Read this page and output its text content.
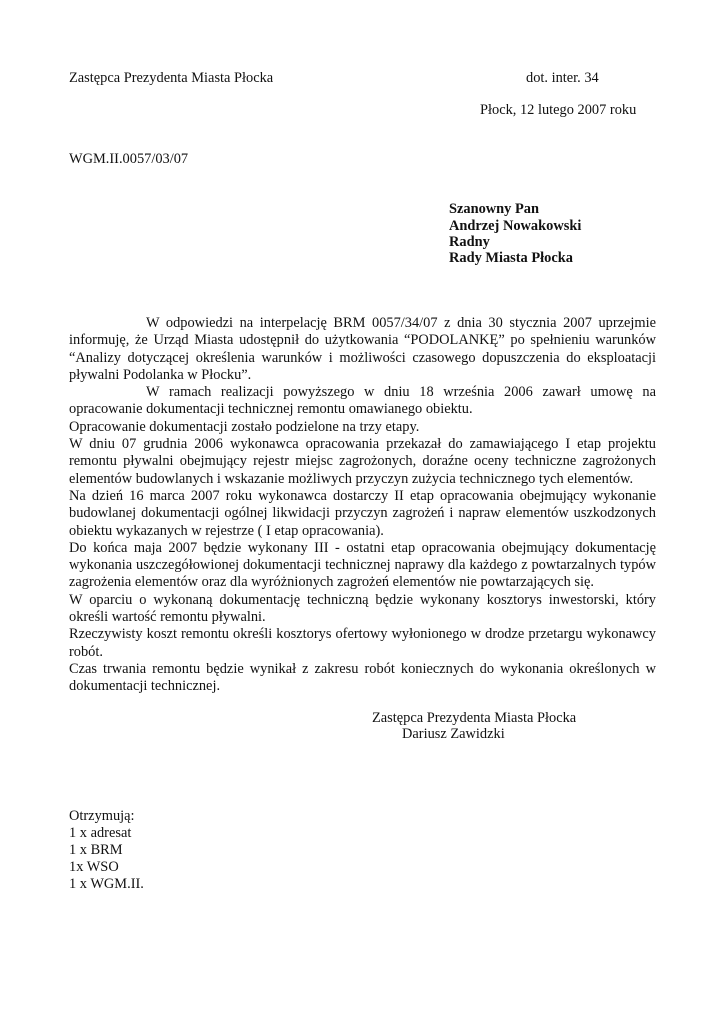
Zastępca Prezydenta Miasta Płocka	dot. inter. 34
Płock, 12 lutego 2007 roku
WGM.II.0057/03/07
Szanowny Pan
Andrzej Nowakowski
Radny
Rady Miasta Płocka

W odpowiedzi na interpelację BRM 0057/34/07 z dnia 30 stycznia 2007 uprzejmie informuję, że Urząd Miasta udostępnił do użytkowania “PODOLANKĘ” po spełnieniu warunków “Analizy dotyczącej określenia warunków i możliwości czasowego dopuszczenia do eksploatacji pływalni Podolanka w Płocku”.

W ramach realizacji powyższego w dniu 18 września 2006 zawarł umowę na opracowanie dokumentacji technicznej remontu omawianego obiektu.

Opracowanie dokumentacji zostało podzielone na trzy etapy.

W dniu 07 grudnia 2006 wykonawca opracowania przekazał do zamawiającego I etap projektu remontu pływalni obejmujący rejestr miejsc zagrożonych, doraźne oceny techniczne zagrożonych elementów budowlanych i wskazanie możliwych przyczyn zużycia technicznego tych elementów.

Na dzień 16 marca 2007 roku wykonawca dostarczy II etap opracowania obejmujący wykonanie budowlanej dokumentacji ogólnej likwidacji przyczyn zagrożeń i napraw elementów uszkodzonych obiektu wykazanych w rejestrze ( I etap opracowania).

Do końca maja 2007 będzie wykonany III - ostatni etap opracowania obejmujący dokumentację wykonania uszczegółowionej dokumentacji technicznej naprawy dla każdego z powtarzalnych typów zagrożenia elementów oraz dla wyróżnionych zagrożeń elementów nie powtarzających się.

W oparciu o wykonaną dokumentację techniczną będzie wykonany kosztorys inwestorski, który określi wartość remontu pływalni.

Rzeczywisty koszt remontu określi kosztorys ofertowy wyłonionego w drodze przetargu wykonawcy robót.

Czas trwania remontu będzie wynikał z zakresu robót koniecznych do wykonania określonych w dokumentacji technicznej.

Zastępca Prezydenta Miasta Płocka
Dariusz Zawidzki
Otrzymują:
1 x adresat
1 x BRM
1x WSO
1 x WGM.II.
